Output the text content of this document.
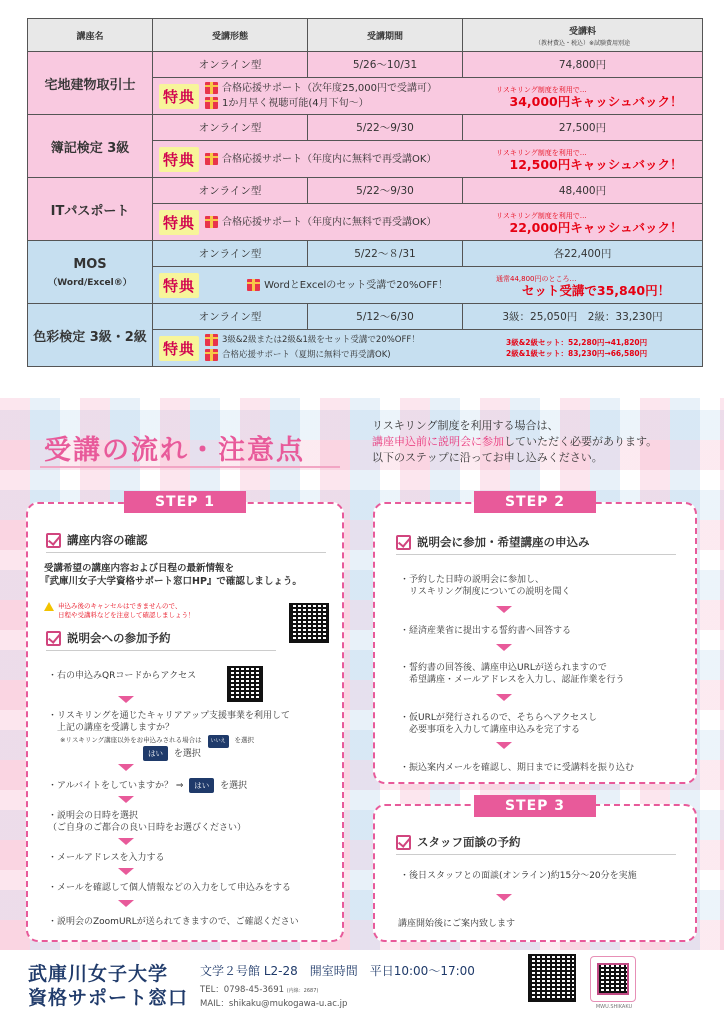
講座名	受講形態	受講期間	受講料
（教材費込・税込）※試験費用別途

宅地建物取引士	オンライン型	5/26〜10/31	74,800円

	特典 合格応援サポート（次年度25,000円で受講可）
1か月早く視聴可能(4月下旬〜）
リスキリング制度を利用で…
34,000円キャッシュバック！		

簿記検定 3級	オンライン型	5/22〜9/30	27,500円

	特典 合格応援サポート（年度内に無料で再受講OK）
リスキリング制度を利用で…
12,500円キャッシュバック！		

ITパスポート	オンライン型	5/22〜9/30	48,400円

	特典 合格応援サポート（年度内に無料で再受講OK）
リスキリング制度を利用で…
22,000円キャッシュバック！		

MOS
（Word/Excel®）	オンライン型	5/22〜８/31	各22,400円

	特典 WordとExcelのセット受講で20%OFF！
通常44,800円のところ…
セット受講で35,840円！		

色彩検定 3級・2級	オンライン型	5/12〜6/30	3級：25,050円　2級：33,230円

	特典 3級&2級または2級&1級をセット受講で20%OFF！
合格応援サポート（夏期に無料で再受講OK)
3級&2級セット：52,280円→41,820円
2級&1級セット：83,230円→66,580円		
受講の流れ・注意点
リスキリング制度を利用する場合は、
講座申込前に説明会に参加していただく必要があります。
以下のステップに沿ってお申し込みください。
STEP 1
講座内容の確認
受講希望の講座内容および日程の最新情報を
『武庫川女子大学資格サポート窓口HP』で確認しましょう。
申込み後のキャンセルはできませんので、
日程や受講料などを注意して確認しましょう！
説明会への参加予約
・右の申込みQRコードからアクセス
・リスキリングを通じたキャリアアップ支援事業を利用して
　上記の講座を受講しますか？
※リスキリング講座以外をお申込みされる場合は いいえ を選択
はい を選択
・アルバイトをしていますか？ ⇒ はい を選択
・説明会の日時を選択
（ご自身のご都合の良い日時をお選びください）
・メールアドレスを入力する
・メールを確認して個人情報などの入力をして申込みをする
・説明会のZoomURLが送られてきますので、ご確認ください
STEP 2
説明会に参加・希望講座の申込み
・予約した日時の説明会に参加し、
　リスキリング制度についての説明を聞く
・経済産業省に提出する誓約書へ回答する
・誓約書の回答後、講座申込URLが送られますので
　希望講座・メールアドレスを入力し、認証作業を行う
・仮URLが発行されるので、そちらへアクセスし
　必要事項を入力して講座申込みを完了する
・振込案内メールを確認し、期日までに受講料を振り込む
STEP 3
スタッフ面談の予約
・後日スタッフとの面談(オンライン)約15分〜20分を実施
講座開始後にご案内致します
武庫川女子大学
資格サポート窓口
文学２号館 L2-28　開室時間　平日10:00〜17:00
TEL：0798-45-3691 (内線：2687)
MAIL：shikaku@mukogawa-u.ac.jp	MWU.SHIKAKU
